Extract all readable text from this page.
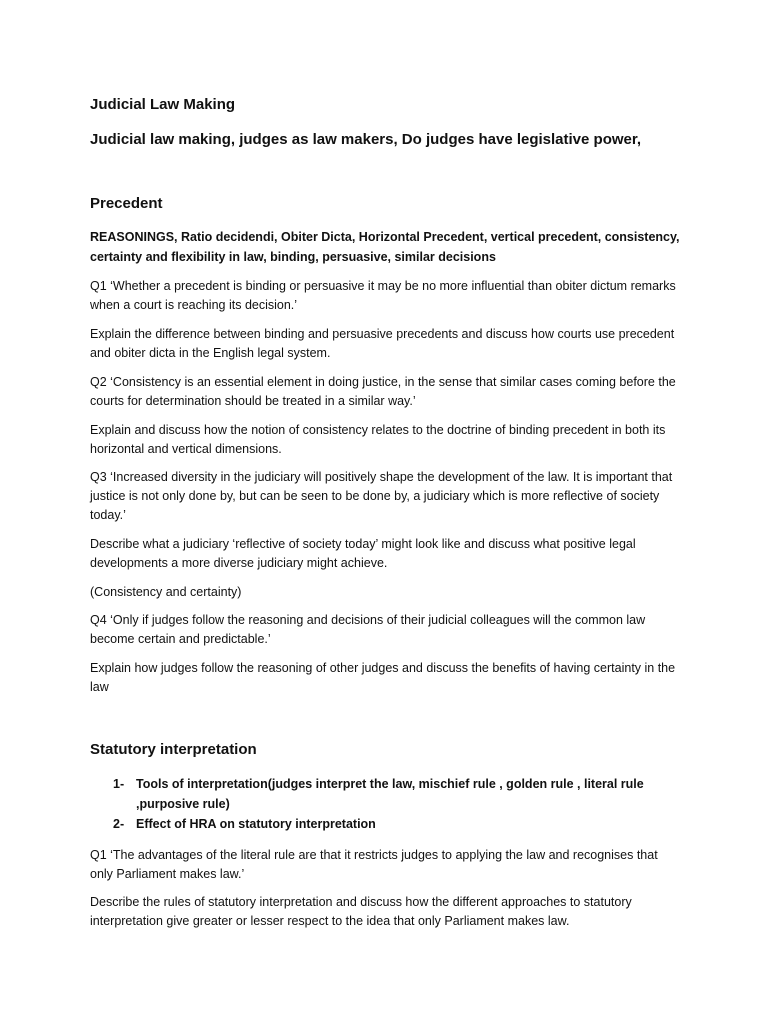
Judicial Law Making

Judicial law making, judges as law makers, Do judges have legislative power,

Precedent

REASONINGS, Ratio decidendi, Obiter Dicta, Horizontal Precedent, vertical precedent, consistency, certainty and flexibility in law, binding, persuasive, similar decisions

Q1 ‘Whether a precedent is binding or persuasive it may be no more influential than obiter dictum remarks when a court is reaching its decision.’

Explain the difference between binding and persuasive precedents and discuss how courts use precedent and obiter dicta in the English legal system.

Q2 ‘Consistency is an essential element in doing justice, in the sense that similar cases coming before the courts for determination should be treated in a similar way.’

Explain and discuss how the notion of consistency relates to the doctrine of binding precedent in both its horizontal and vertical dimensions.

Q3 ‘Increased diversity in the judiciary will positively shape the development of the law. It is important that justice is not only done by, but can be seen to be done by, a judiciary which is more reflective of society today.’

Describe what a judiciary ‘reflective of society today’ might look like and discuss what positive legal developments a more diverse judiciary might achieve.

(Consistency and certainty)

Q4 ‘Only if judges follow the reasoning and decisions of their judicial colleagues will the common law become certain and predictable.’

Explain how judges follow the reasoning of other judges and discuss the benefits of having certainty in the law

Statutory interpretation

1- Tools of interpretation(judges interpret the law, mischief rule , golden rule , literal rule ,purposive rule)
2- Effect of HRA on statutory interpretation

Q1 ‘The advantages of the literal rule are that it restricts judges to applying the law and recognises that only Parliament makes law.’

Describe the rules of statutory interpretation and discuss how the different approaches to statutory interpretation give greater or lesser respect to the idea that only Parliament makes law.
